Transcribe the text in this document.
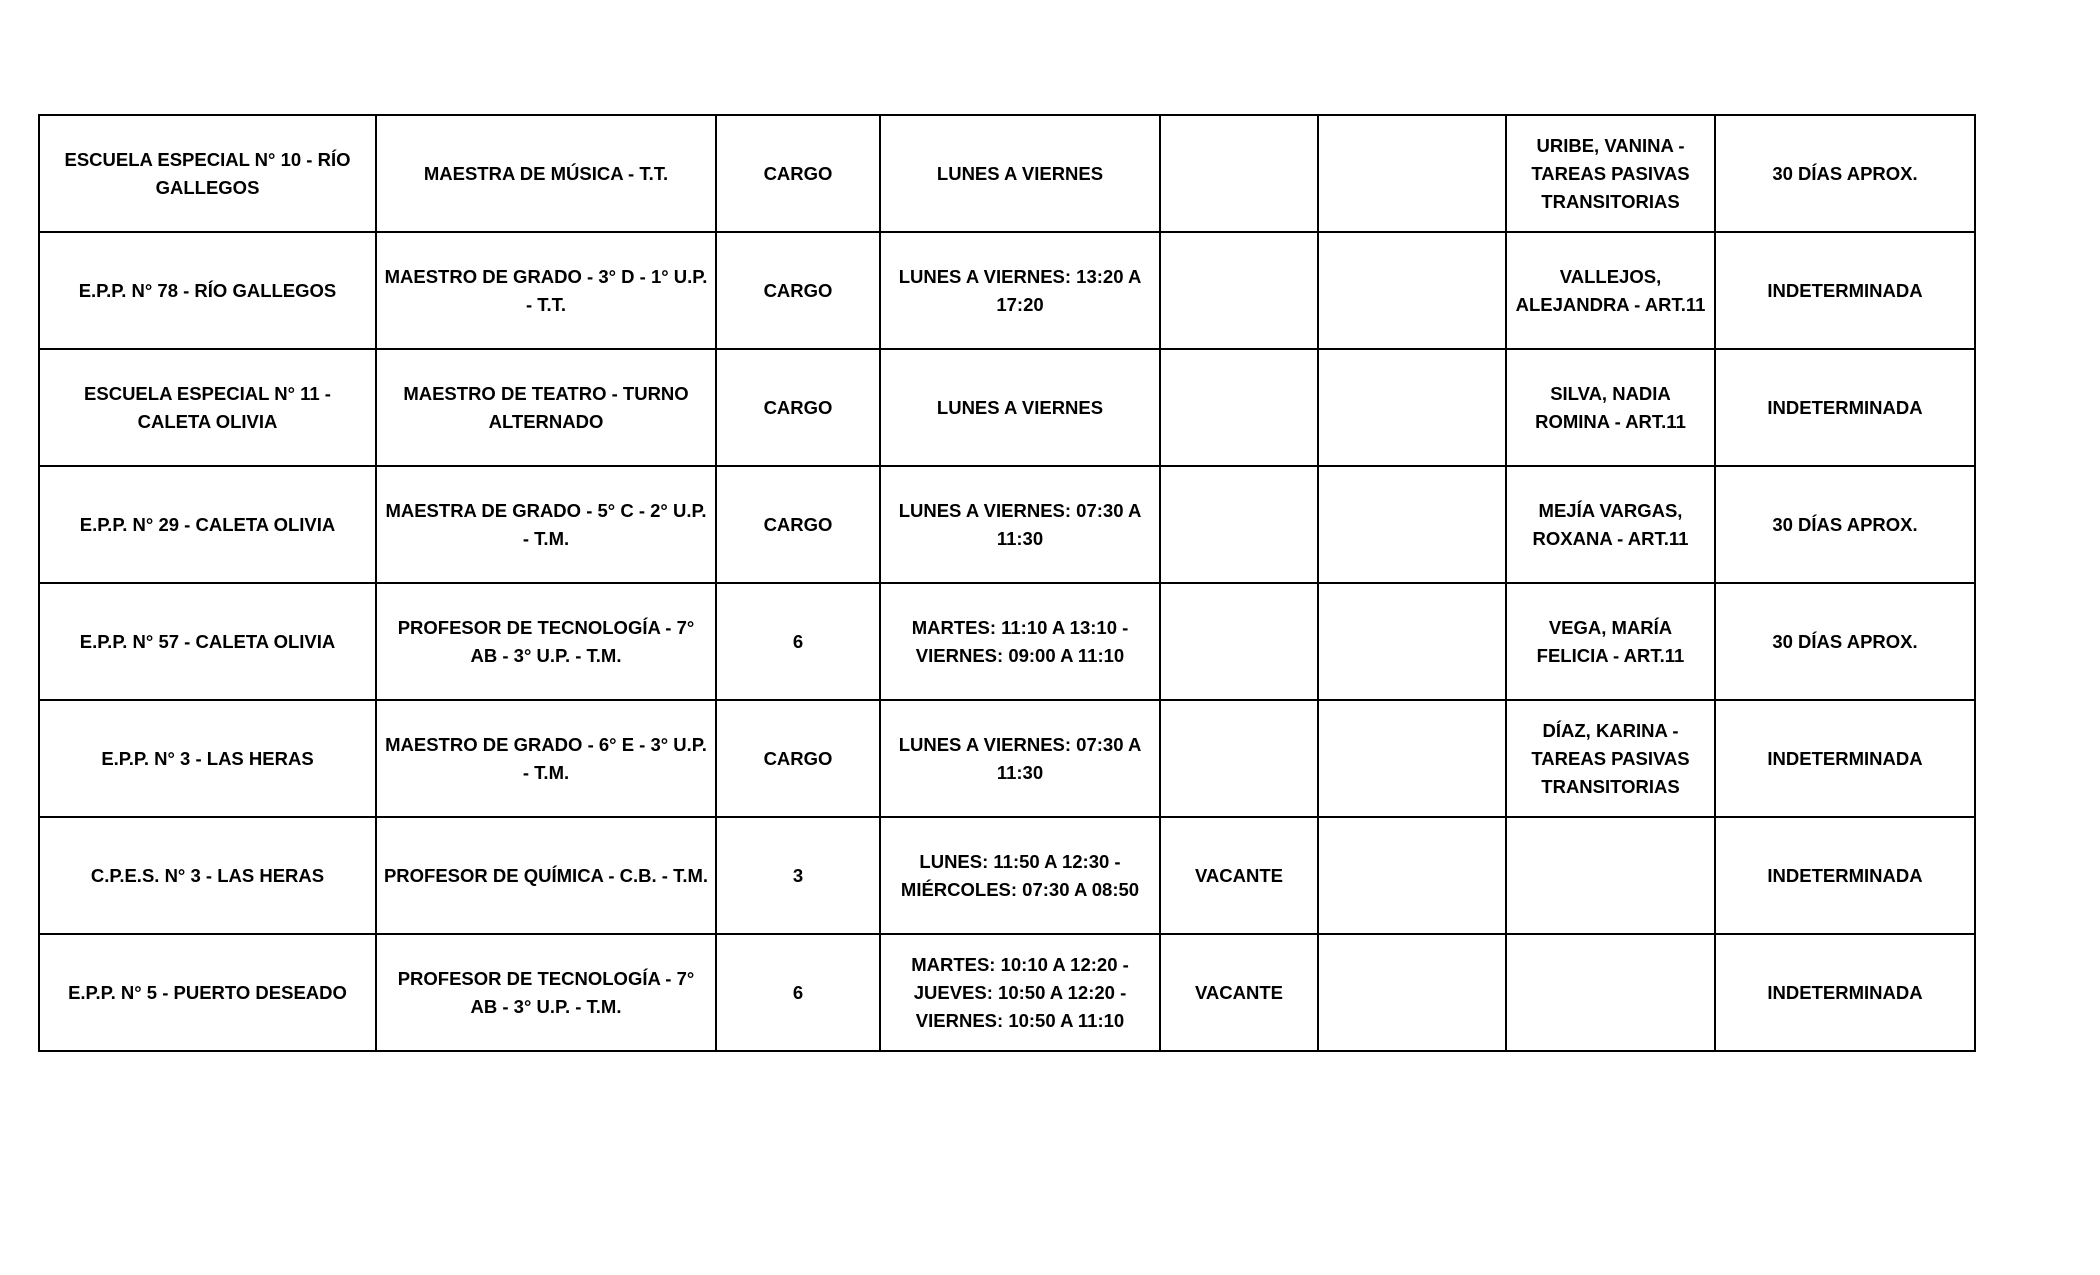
ESCUELA ESPECIAL N° 10 - RÍO GALLEGOS	MAESTRA DE MÚSICA - T.T.	CARGO	LUNES A VIERNES			URIBE, VANINA - TAREAS PASIVAS TRANSITORIAS	30 DÍAS APROX.
E.P.P. N° 78 - RÍO GALLEGOS	MAESTRO DE GRADO - 3° D - 1° U.P. - T.T.	CARGO	LUNES A VIERNES: 13:20 A 17:20			VALLEJOS, ALEJANDRA - ART.11	INDETERMINADA
ESCUELA ESPECIAL N° 11 - CALETA OLIVIA	MAESTRO DE TEATRO - TURNO ALTERNADO	CARGO	LUNES A VIERNES			SILVA, NADIA ROMINA - ART.11	INDETERMINADA
E.P.P. N° 29 - CALETA OLIVIA	MAESTRA DE GRADO - 5° C - 2° U.P. - T.M.	CARGO	LUNES A VIERNES: 07:30 A 11:30			MEJÍA VARGAS, ROXANA - ART.11	30 DÍAS APROX.
E.P.P. N° 57 - CALETA OLIVIA	PROFESOR DE TECNOLOGÍA - 7° AB - 3° U.P. - T.M.	6	MARTES: 11:10 A 13:10 - VIERNES: 09:00 A 11:10			VEGA, MARÍA FELICIA - ART.11	30 DÍAS APROX.
E.P.P. N° 3 - LAS HERAS	MAESTRO DE GRADO - 6° E - 3° U.P. - T.M.	CARGO	LUNES A VIERNES: 07:30 A 11:30			DÍAZ, KARINA - TAREAS PASIVAS TRANSITORIAS	INDETERMINADA
C.P.E.S. N° 3 - LAS HERAS	PROFESOR DE QUÍMICA - C.B. - T.M.	3	LUNES: 11:50 A 12:30 - MIÉRCOLES: 07:30 A 08:50	VACANTE			INDETERMINADA
E.P.P. N° 5 - PUERTO DESEADO	PROFESOR DE TECNOLOGÍA - 7° AB - 3° U.P. - T.M.	6	MARTES: 10:10 A 12:20 - JUEVES: 10:50 A 12:20 - VIERNES: 10:50 A 11:10	VACANTE			INDETERMINADA
